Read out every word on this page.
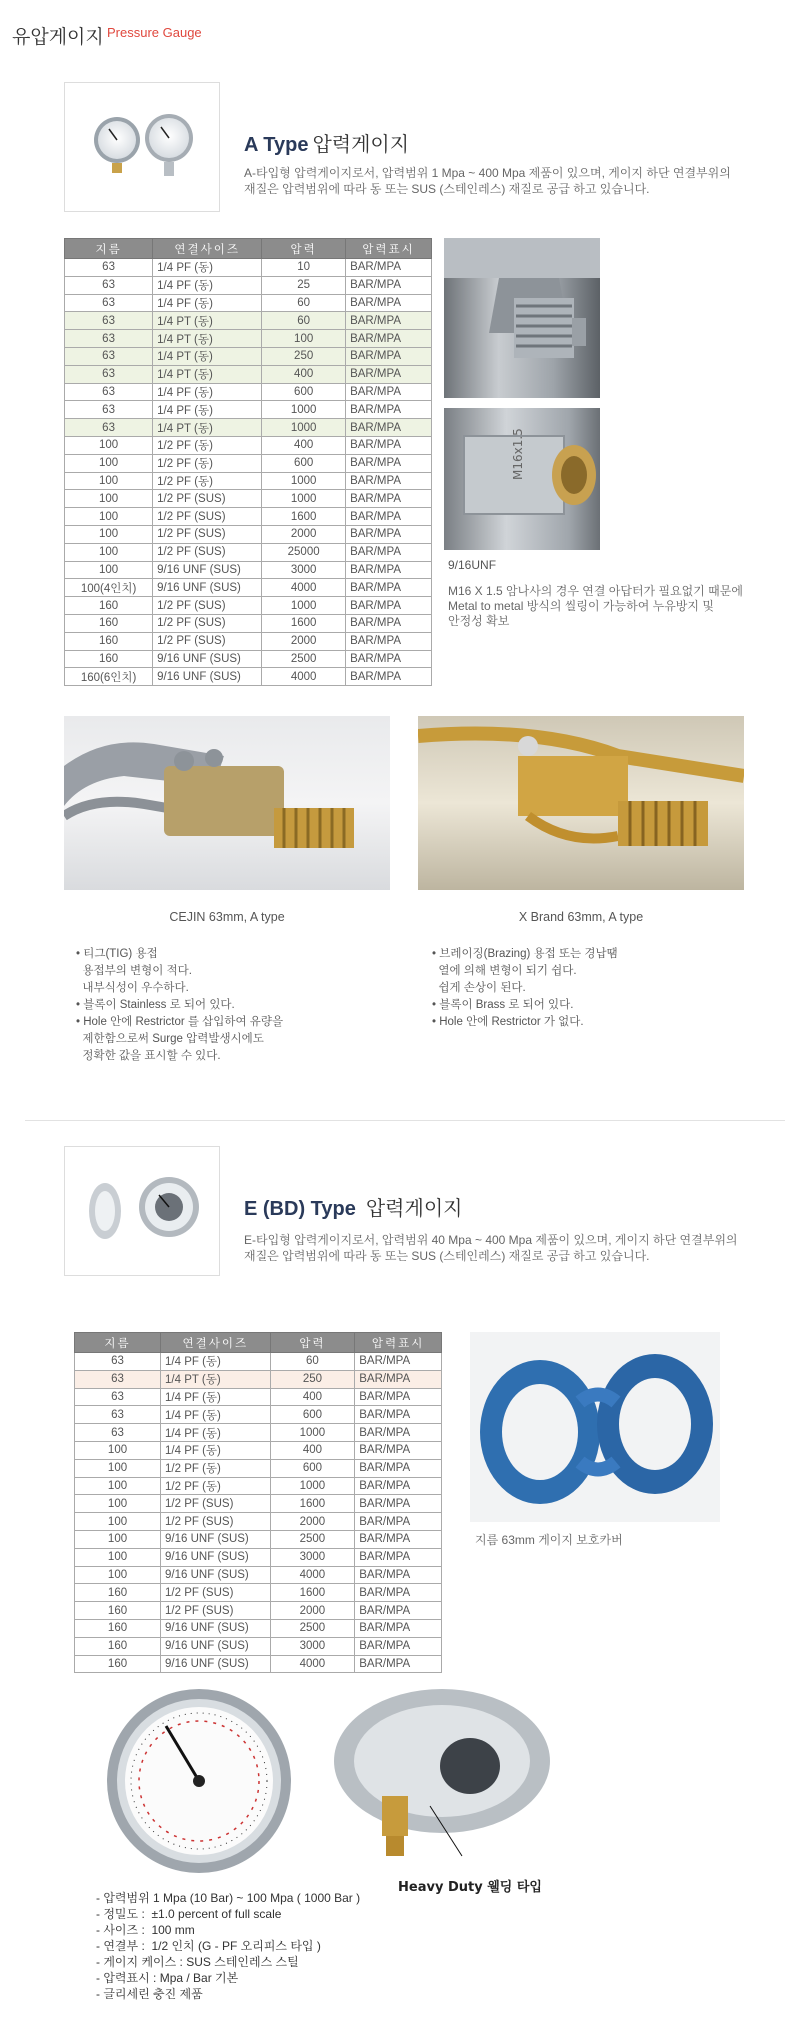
유압게이지 Pressure Gauge
A Type 압력게이지
A-타입형 압력게이지로서, 압력범위 1 Mpa ~ 400 Mpa 제품이 있으며, 게이지 하단 연결부위의
재질은 압력범위에 따라 동 또는 SUS (스테인레스) 재질로 공급 하고 있습니다.
지름	연결사이즈	압력	압력표시
63	1/4 PF (동)	10	BAR/MPA
63	1/4 PF (동)	25	BAR/MPA
63	1/4 PF (동)	60	BAR/MPA
63	1/4 PT (동)	60	BAR/MPA
63	1/4 PT (동)	100	BAR/MPA
63	1/4 PT (동)	250	BAR/MPA
63	1/4 PT (동)	400	BAR/MPA
63	1/4 PF (동)	600	BAR/MPA
63	1/4 PF (동)	1000	BAR/MPA
63	1/4 PT (동)	1000	BAR/MPA
100	1/2 PF (동)	400	BAR/MPA
100	1/2 PF (동)	600	BAR/MPA
100	1/2 PF (동)	1000	BAR/MPA
100	1/2 PF (SUS)	1000	BAR/MPA
100	1/2 PF (SUS)	1600	BAR/MPA
100	1/2 PF (SUS)	2000	BAR/MPA
100	1/2 PF (SUS)	25000	BAR/MPA
100	9/16 UNF (SUS)	3000	BAR/MPA
100(4인치)	9/16 UNF (SUS)	4000	BAR/MPA
160	1/2 PF (SUS)	1000	BAR/MPA
160	1/2 PF (SUS)	1600	BAR/MPA
160	1/2 PF (SUS)	2000	BAR/MPA
160	9/16 UNF (SUS)	2500	BAR/MPA
160(6인치)	9/16 UNF (SUS)	4000	BAR/MPA
M16x1.5
9/16UNF
M16 X 1.5 암나사의 경우 연결 아답터가 필요없기 때문에
Metal to metal 방식의 씰링이 가능하여 누유방지 및
안정성 확보
CEJIN 63mm, A type	X Brand 63mm, A type
• 티그(TIG) 용접
용접부의 변형이 적다.
내부식성이 우수하다.
• 블록이 Stainless 로 되어 있다.
• Hole 안에 Restrictor 를 삽입하여 유량을
제한함으로써 Surge 압력발생시에도
정확한 값을 표시할 수 있다.
• 브레이징(Brazing) 용접 또는 경납땜
열에 의해 변형이 되기 쉽다.
쉽게 손상이 된다.
• 블록이 Brass 로 되어 있다.
• Hole 안에 Restrictor 가 없다.
E (BD) Type 압력게이지
E-타입형 압력게이지로서, 압력범위 40 Mpa ~ 400 Mpa 제품이 있으며, 게이지 하단 연결부위의
재질은 압력범위에 따라 동 또는 SUS (스테인레스) 재질로 공급 하고 있습니다.
지름	연결사이즈	압력	압력표시
63	1/4 PF (동)	60	BAR/MPA
63	1/4 PT (동)	250	BAR/MPA
63	1/4 PF (동)	400	BAR/MPA
63	1/4 PF (동)	600	BAR/MPA
63	1/4 PF (동)	1000	BAR/MPA
100	1/4 PF (동)	400	BAR/MPA
100	1/2 PF (동)	600	BAR/MPA
100	1/2 PF (동)	1000	BAR/MPA
100	1/2 PF (SUS)	1600	BAR/MPA
100	1/2 PF (SUS)	2000	BAR/MPA
100	9/16 UNF (SUS)	2500	BAR/MPA
100	9/16 UNF (SUS)	3000	BAR/MPA
100	9/16 UNF (SUS)	4000	BAR/MPA
160	1/2 PF (SUS)	1600	BAR/MPA
160	1/2 PF (SUS)	2000	BAR/MPA
160	9/16 UNF (SUS)	2500	BAR/MPA
160	9/16 UNF (SUS)	3000	BAR/MPA
160	9/16 UNF (SUS)	4000	BAR/MPA
지름 63mm 게이지 보호카버
Heavy Duty 웰딩 타입
- 압력범위 1 Mpa (10 Bar) ~ 100 Mpa ( 1000 Bar )
- 정밀도 :  ±1.0 percent of full scale
- 사이즈 :  100 mm
- 연결부 :  1/2 인치 (G - PF 오리피스 타입 )
- 게이지 케이스 : SUS 스테인레스 스틸
- 압력표시 : Mpa / Bar 기본
- 글리세린 충진 제품
